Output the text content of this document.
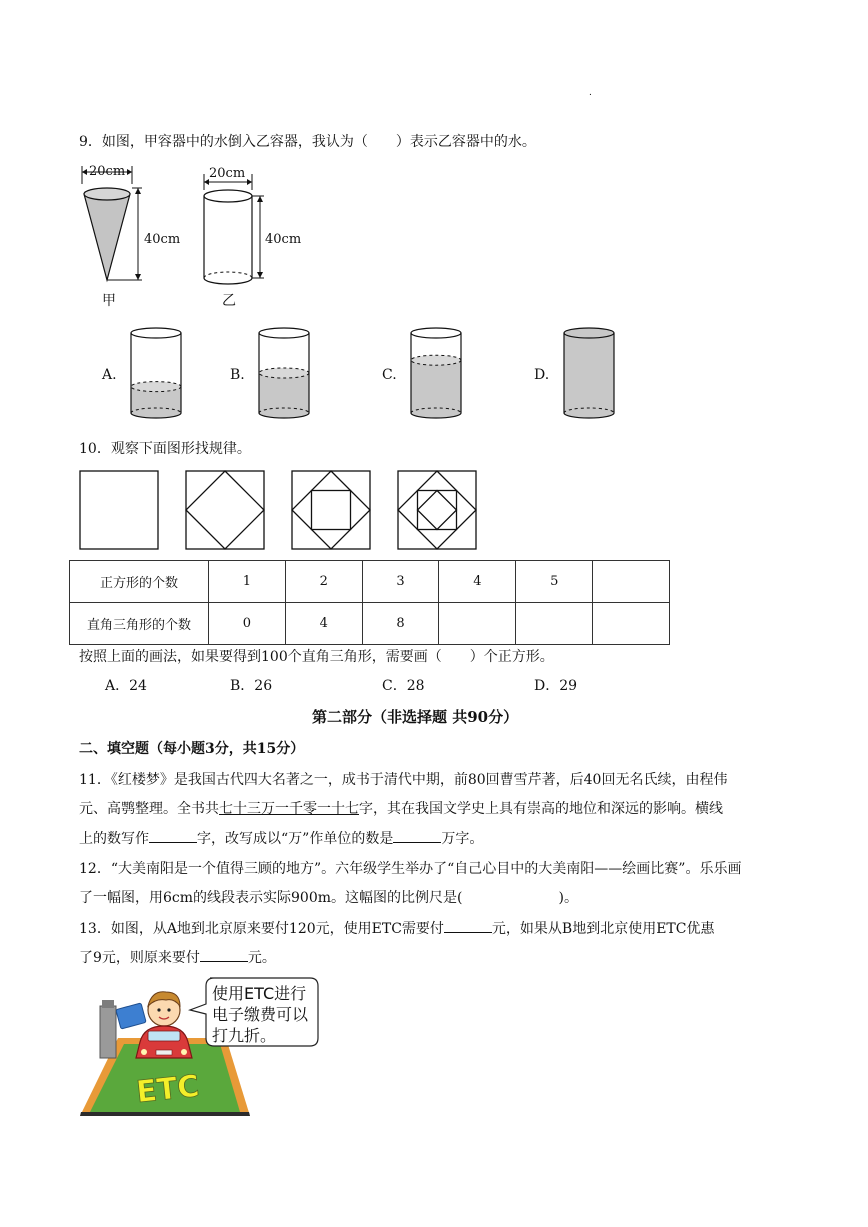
.
9．如图，甲容器中的水倒入乙容器，我认为（　　）表示乙容器中的水。
20cm
40cm
甲
20cm
40cm
乙
A.	B.	C.	D.
10．观察下面图形找规律。
正方形的个数	1	2	3	4	5	
直角三角形的个数	0	4	8			
按照上面的画法，如果要得到100个直角三角形，需要画（　　）个正方形。
A．24	B．26	C．28	D．29
第二部分（非选择题 共90分）
二、填空题（每小题3分，共15分）
11．《红楼梦》是我国古代四大名著之一，成书于清代中期，前80回曹雪芹著，后40回无名氏续，由程伟
元、高鹗整理。全书共七十三万一千零一十七字，其在我国文学史上具有崇高的地位和深远的影响。横线
上的数写作	字，改写成以“万”作单位的数是	万字。
12．“大美南阳是一个值得三顾的地方”。六年级学生举办了“自己心目中的大美南阳——绘画比赛”。乐乐画
了一幅图，用6cm的线段表示实际900m。这幅图的比例尺是(	)。
13．如图，从A地到北京原来要付120元，使用ETC需要付	元，如果从B地到北京使用ETC优惠
了9元，则原来要付	元。
ETC
使用ETC进行
电子缴费可以
打九折。
